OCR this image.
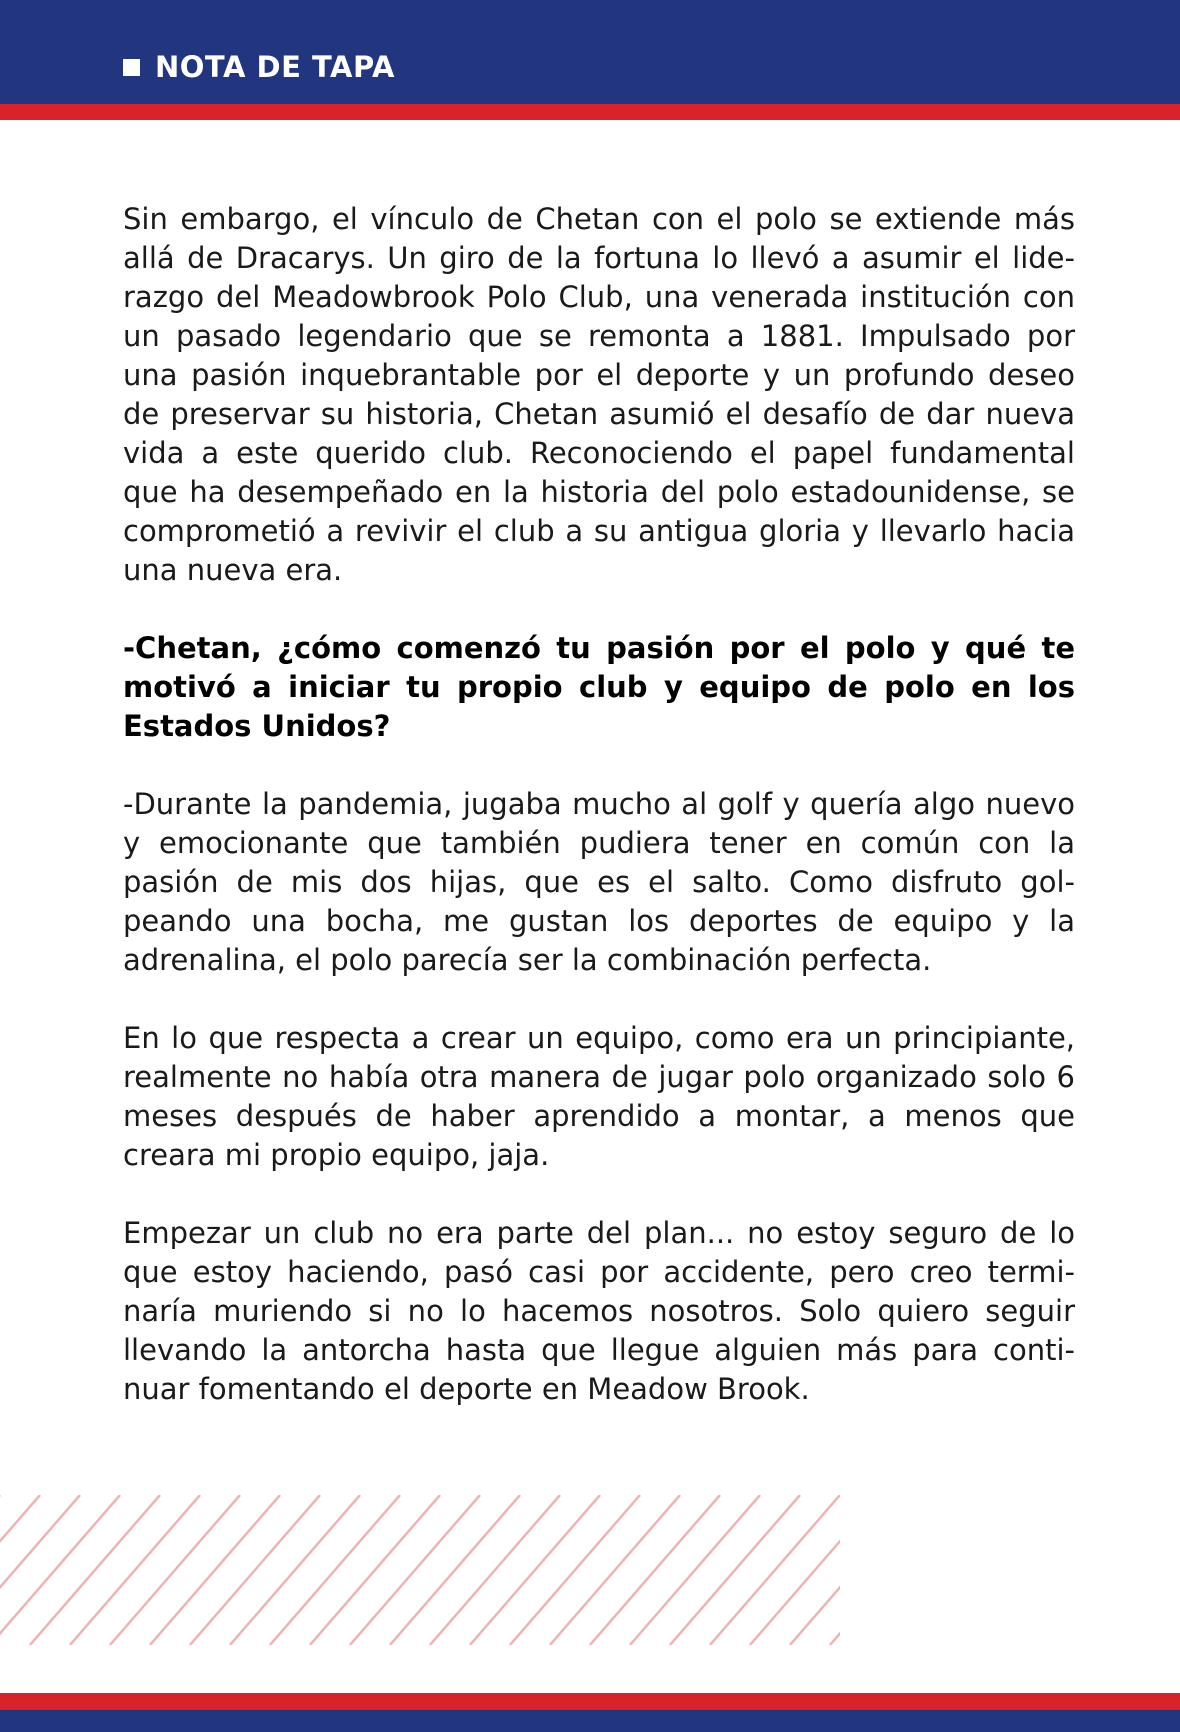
NOTA DE TAPA

Sin embargo, el vínculo de Chetan con el polo se extiende más allá de Dracarys. Un giro de la fortuna lo llevó a asumir el liderazgo del Meadowbrook Polo Club, una venerada institución con un pasado legendario que se remonta a 1881. Impulsado por una pasión inquebrantable por el deporte y un profundo deseo de preservar su historia, Chetan asumió el desafío de dar nueva vida a este querido club. Reconociendo el papel fundamental que ha desempeñado en la historia del polo estadounidense, se comprometió a revivir el club a su antigua gloria y llevarlo hacia una nueva era.

-Chetan, ¿cómo comenzó tu pasión por el polo y qué te motivó a iniciar tu propio club y equipo de polo en los Estados Unidos?

-Durante la pandemia, jugaba mucho al golf y quería algo nuevo y emocionante que también pudiera tener en común con la pasión de mis dos hijas, que es el salto. Como disfruto golpeando una bocha, me gustan los deportes de equipo y la adrenalina, el polo parecía ser la combinación perfecta.

En lo que respecta a crear un equipo, como era un principiante, realmente no había otra manera de jugar polo organizado solo 6 meses después de haber aprendido a montar, a menos que creara mi propio equipo, jaja.

Empezar un club no era parte del plan... no estoy seguro de lo que estoy haciendo, pasó casi por accidente, pero creo terminaría muriendo si no lo hacemos nosotros. Solo quiero seguir llevando la antorcha hasta que llegue alguien más para continuar fomentando el deporte en Meadow Brook.
